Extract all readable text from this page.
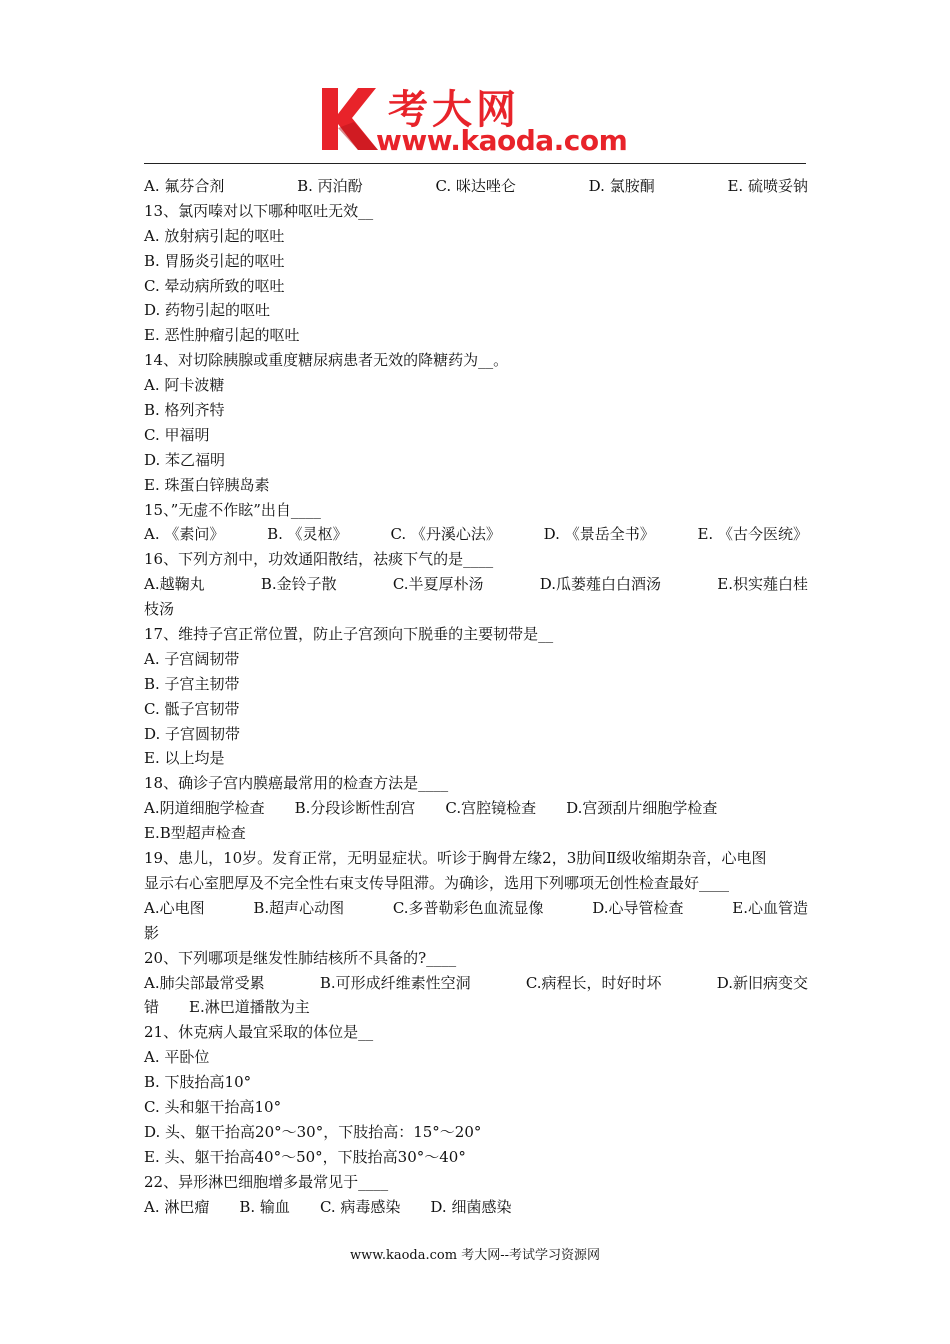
考大网
www.kaoda.com
A. 氟芬合剂	B. 丙泊酚	C. 咪达唑仑	D. 氯胺酮	E. 硫喷妥钠
13、氯丙嗪对以下哪种呕吐无效__
A. 放射病引起的呕吐
B. 胃肠炎引起的呕吐
C. 晕动病所致的呕吐
D. 药物引起的呕吐
E. 恶性肿瘤引起的呕吐
14、对切除胰腺或重度糖尿病患者无效的降糖药为__。
A. 阿卡波糖
B. 格列齐特
C. 甲福明
D. 苯乙福明
E. 珠蛋白锌胰岛素
15、”无虚不作眩”出自____
A. 《素问》	B. 《灵枢》	C. 《丹溪心法》	D. 《景岳全书》	E. 《古今医统》
16、下列方剂中，功效通阳散结，祛痰下气的是____
A.越鞠丸	B.金铃子散	C.半夏厚朴汤	D.瓜蒌薤白白酒汤	E.枳实薤白桂
枝汤
17、维持子宫正常位置，防止子宫颈向下脱垂的主要韧带是__
A. 子宫阔韧带
B. 子宫主韧带
C. 骶子宫韧带
D. 子宫圆韧带
E. 以上均是
18、确诊子宫内膜癌最常用的检查方法是____
A.阴道细胞学检查 B.分段诊断性刮宫 C.宫腔镜检查 D.宫颈刮片细胞学检查
E.B型超声检查
19、患儿，10岁。发育正常，无明显症状。听诊于胸骨左缘2，3肋间Ⅱ级收缩期杂音，心电图
显示右心室肥厚及不完全性右束支传导阻滞。为确诊，选用下列哪项无创性检查最好____
A.心电图	B.超声心动图	C.多普勒彩色血流显像	D.心导管检查	E.心血管造
影
20、下列哪项是继发性肺结核所不具备的?____
A.肺尖部最常受累	B.可形成纤维素性空洞	C.病程长，时好时坏	D.新旧病变交
错　　E.淋巴道播散为主
21、休克病人最宜采取的体位是__
A. 平卧位
B. 下肢抬高10°
C. 头和躯干抬高10°
D. 头、躯干抬高20°～30°，下肢抬高：15°～20°
E. 头、躯干抬高40°～50°，下肢抬高30°～40°
22、异形淋巴细胞增多最常见于____
A. 淋巴瘤 B. 输血 C. 病毒感染 D. 细菌感染
www.kaoda.com 考大网--考试学习资源网
